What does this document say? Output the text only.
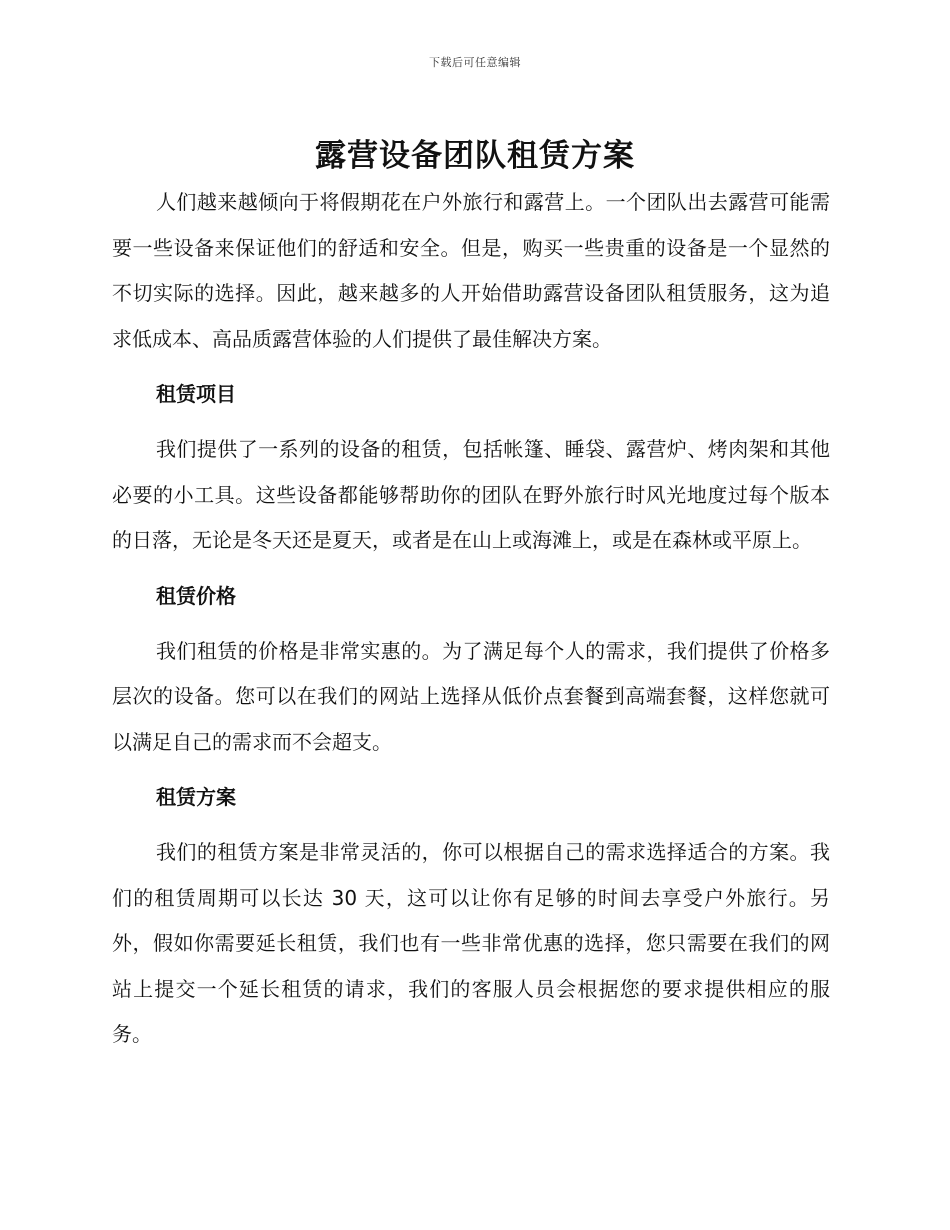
下载后可任意编辑
露营设备团队租赁方案

人们越来越倾向于将假期花在户外旅行和露营上。一个团队出去露营可能需要一些设备来保证他们的舒适和安全。但是，购买一些贵重的设备是一个显然的不切实际的选择。因此，越来越多的人开始借助露营设备团队租赁服务，这为追求低成本、高品质露营体验的人们提供了最佳解决方案。

租赁项目

我们提供了一系列的设备的租赁，包括帐篷、睡袋、露营炉、烤肉架和其他必要的小工具。这些设备都能够帮助你的团队在野外旅行时风光地度过每个版本的日落，无论是冬天还是夏天，或者是在山上或海滩上，或是在森林或平原上。

租赁价格

我们租赁的价格是非常实惠的。为了满足每个人的需求，我们提供了价格多层次的设备。您可以在我们的网站上选择从低价点套餐到高端套餐，这样您就可以满足自己的需求而不会超支。

租赁方案

我们的租赁方案是非常灵活的，你可以根据自己的需求选择适合的方案。我们的租赁周期可以长达 30 天，这可以让你有足够的时间去享受户外旅行。另外，假如你需要延长租赁，我们也有一些非常优惠的选择，您只需要在我们的网站上提交一个延长租赁的请求，我们的客服人员会根据您的要求提供相应的服务。
